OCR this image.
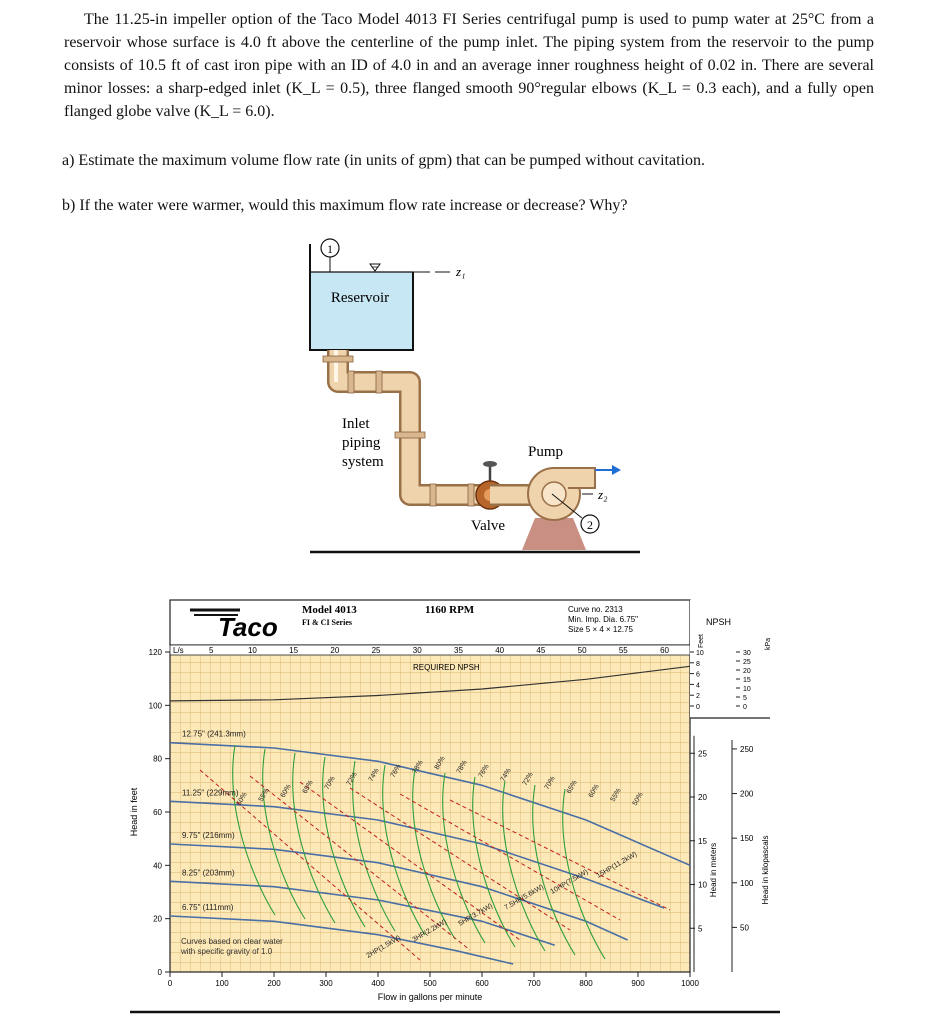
The 11.25-in impeller option of the Taco Model 4013 FI Series centrifugal pump is used to pump water at 25°C from a reservoir whose surface is 4.0 ft above the centerline of the pump inlet. The piping system from the reservoir to the pump consists of 10.5 ft of cast iron pipe with an ID of 4.0 in and an average inner roughness height of 0.02 in. There are several minor losses: a sharp-edged inlet (K_L = 0.5), three flanged smooth 90°regular elbows (K_L = 0.3 each), and a fully open flanged globe valve (K_L = 6.0).

a) Estimate the maximum volume flow rate (in units of gpm) that can be pumped without cavitation.
b) If the water were warmer, would this maximum flow rate increase or decrease? Why?
z₁
1
Reservoir
Inlet
piping
system
Valve
Pump
z₂
2
Taco
Model 4013
FI & CI Series
1160 RPM	Curve no. 2313
Min. Imp. Dia. 6.75"
Size 5 × 4 × 12.75
L/s	5	10	15	20	25	30	35	40	45	50	55	60
0
20
40
60
80
100
120
Head in feet
0	100	200	300	400	500	600	700	800	900	1000
Flow in gallons per minute
NPSH
Feet	kPa
10
8
6
4
2
0
30
25
20
15
10
5
0
5
10
15
20
25
50
100
150
200
250
Head in meters	Head in kilopascals
REQUIRED NPSH
12.75" (241.3mm)
11.25" (229mm)
9.75" (216mm)
8.25" (203mm)
6.75" (111mm)
50% 55% 60% 65% 70% 72% 74% 76% 78% 80% 78% 76% 74% 72% 70% 65% 60% 55% 50%
2HP(1.5kW)
3HP(2.2kW)
5HP(3.7kW)
7.5HP(5.6kW)
10HP(7.5kW)
15HP(11.2kW)
Curves based on clear water
with specific gravity of 1.0
